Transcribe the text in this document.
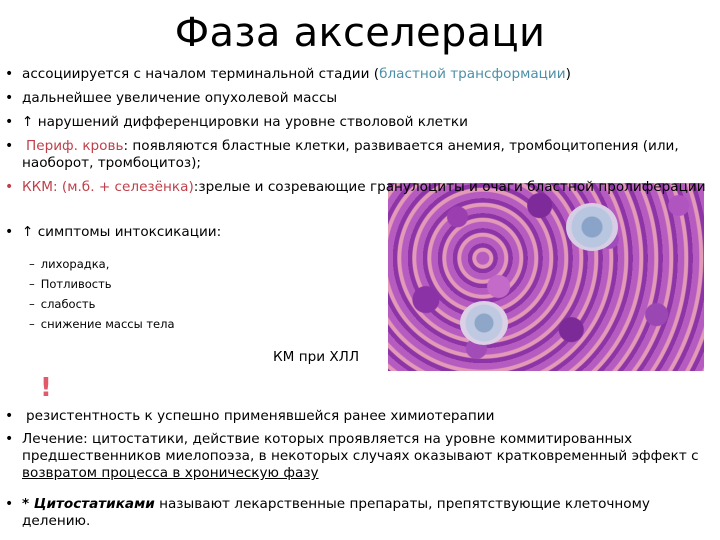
Фаза акселераци
• ассоциируется с началом терминальной стадии (бластной трансформации)
• дальнейшее увеличение опухолевой массы
• ↑ нарушений дифференцировки на уровне стволовой клетки
• Периф. кровь: появляются бластные клетки, развивается анемия, тромбоцитопения (или, наоборот, тромбоцитоз);
• ККМ: (м.б. + селезёнка):зрелые и созревающие гранулоциты и очаги бластной пролиферации
• ↑ симптомы интоксикации:
– лихорадка,
– Потливость
– слабость
– снижение массы тела
КМ при ХЛЛ
!
• резистентность к успешно применявшейся ранее химиотерапии
• Лечение: цитостатики, действие которых проявляется на уровне коммитированных предшественников миелопоэза, в некоторых случаях оказывают кратковременный эффект с возвратом процесса в хроническую фазу
• * Цитостатиками называют лекарственные препараты, препятствующие клеточному делению.
